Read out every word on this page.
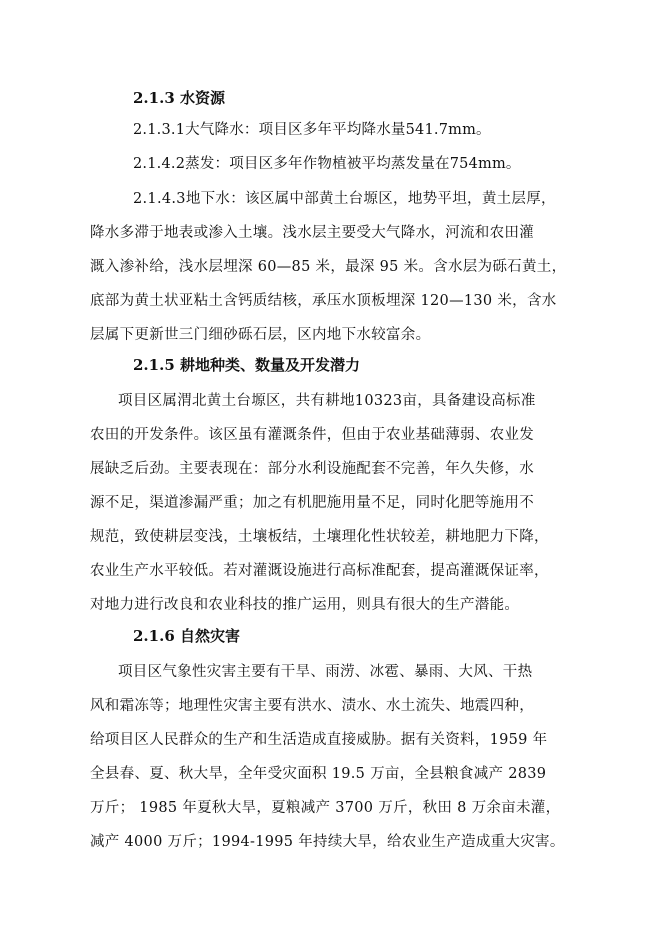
2.1.3 水资源
2.1.3.1大气降水：项目区多年平均降水量541.7mm。
2.1.4.2蒸发：项目区多年作物植被平均蒸发量在754mm。
2.1.4.3地下水：该区属中部黄土台塬区，地势平坦，黄土层厚，
降水多滞于地表或渗入土壤。浅水层主要受大气降水，河流和农田灌
溉入渗补给，浅水层埋深 60—85 米，最深 95 米。含水层为砾石黄土，
底部为黄土状亚粘土含钙质结核，承压水顶板埋深 120—130 米，含水
层属下更新世三门细砂砾石层，区内地下水较富余。
2.1.5 耕地种类、数量及开发潜力
项目区属渭北黄土台塬区，共有耕地10323亩，具备建设高标准
农田的开发条件。该区虽有灌溉条件，但由于农业基础薄弱、农业发
展缺乏后劲。主要表现在：部分水利设施配套不完善，年久失修，水
源不足，渠道渗漏严重；加之有机肥施用量不足，同时化肥等施用不
规范，致使耕层变浅，土壤板结，土壤理化性状较差，耕地肥力下降，
农业生产水平较低。若对灌溉设施进行高标准配套，提高灌溉保证率，
对地力进行改良和农业科技的推广运用，则具有很大的生产潜能。
2.1.6 自然灾害
项目区气象性灾害主要有干旱、雨涝、冰雹、暴雨、大风、干热
风和霜冻等；地理性灾害主要有洪水、渍水、水土流失、地震四种，
给项目区人民群众的生产和生活造成直接威胁。据有关资料，1959 年
全县春、夏、秋大旱，全年受灾面积 19.5 万亩，全县粮食减产 2839
万斤； 1985 年夏秋大旱，夏粮减产 3700 万斤，秋田 8 万余亩未灌，
减产 4000 万斤；1994-1995 年持续大旱，给农业生产造成重大灾害。
